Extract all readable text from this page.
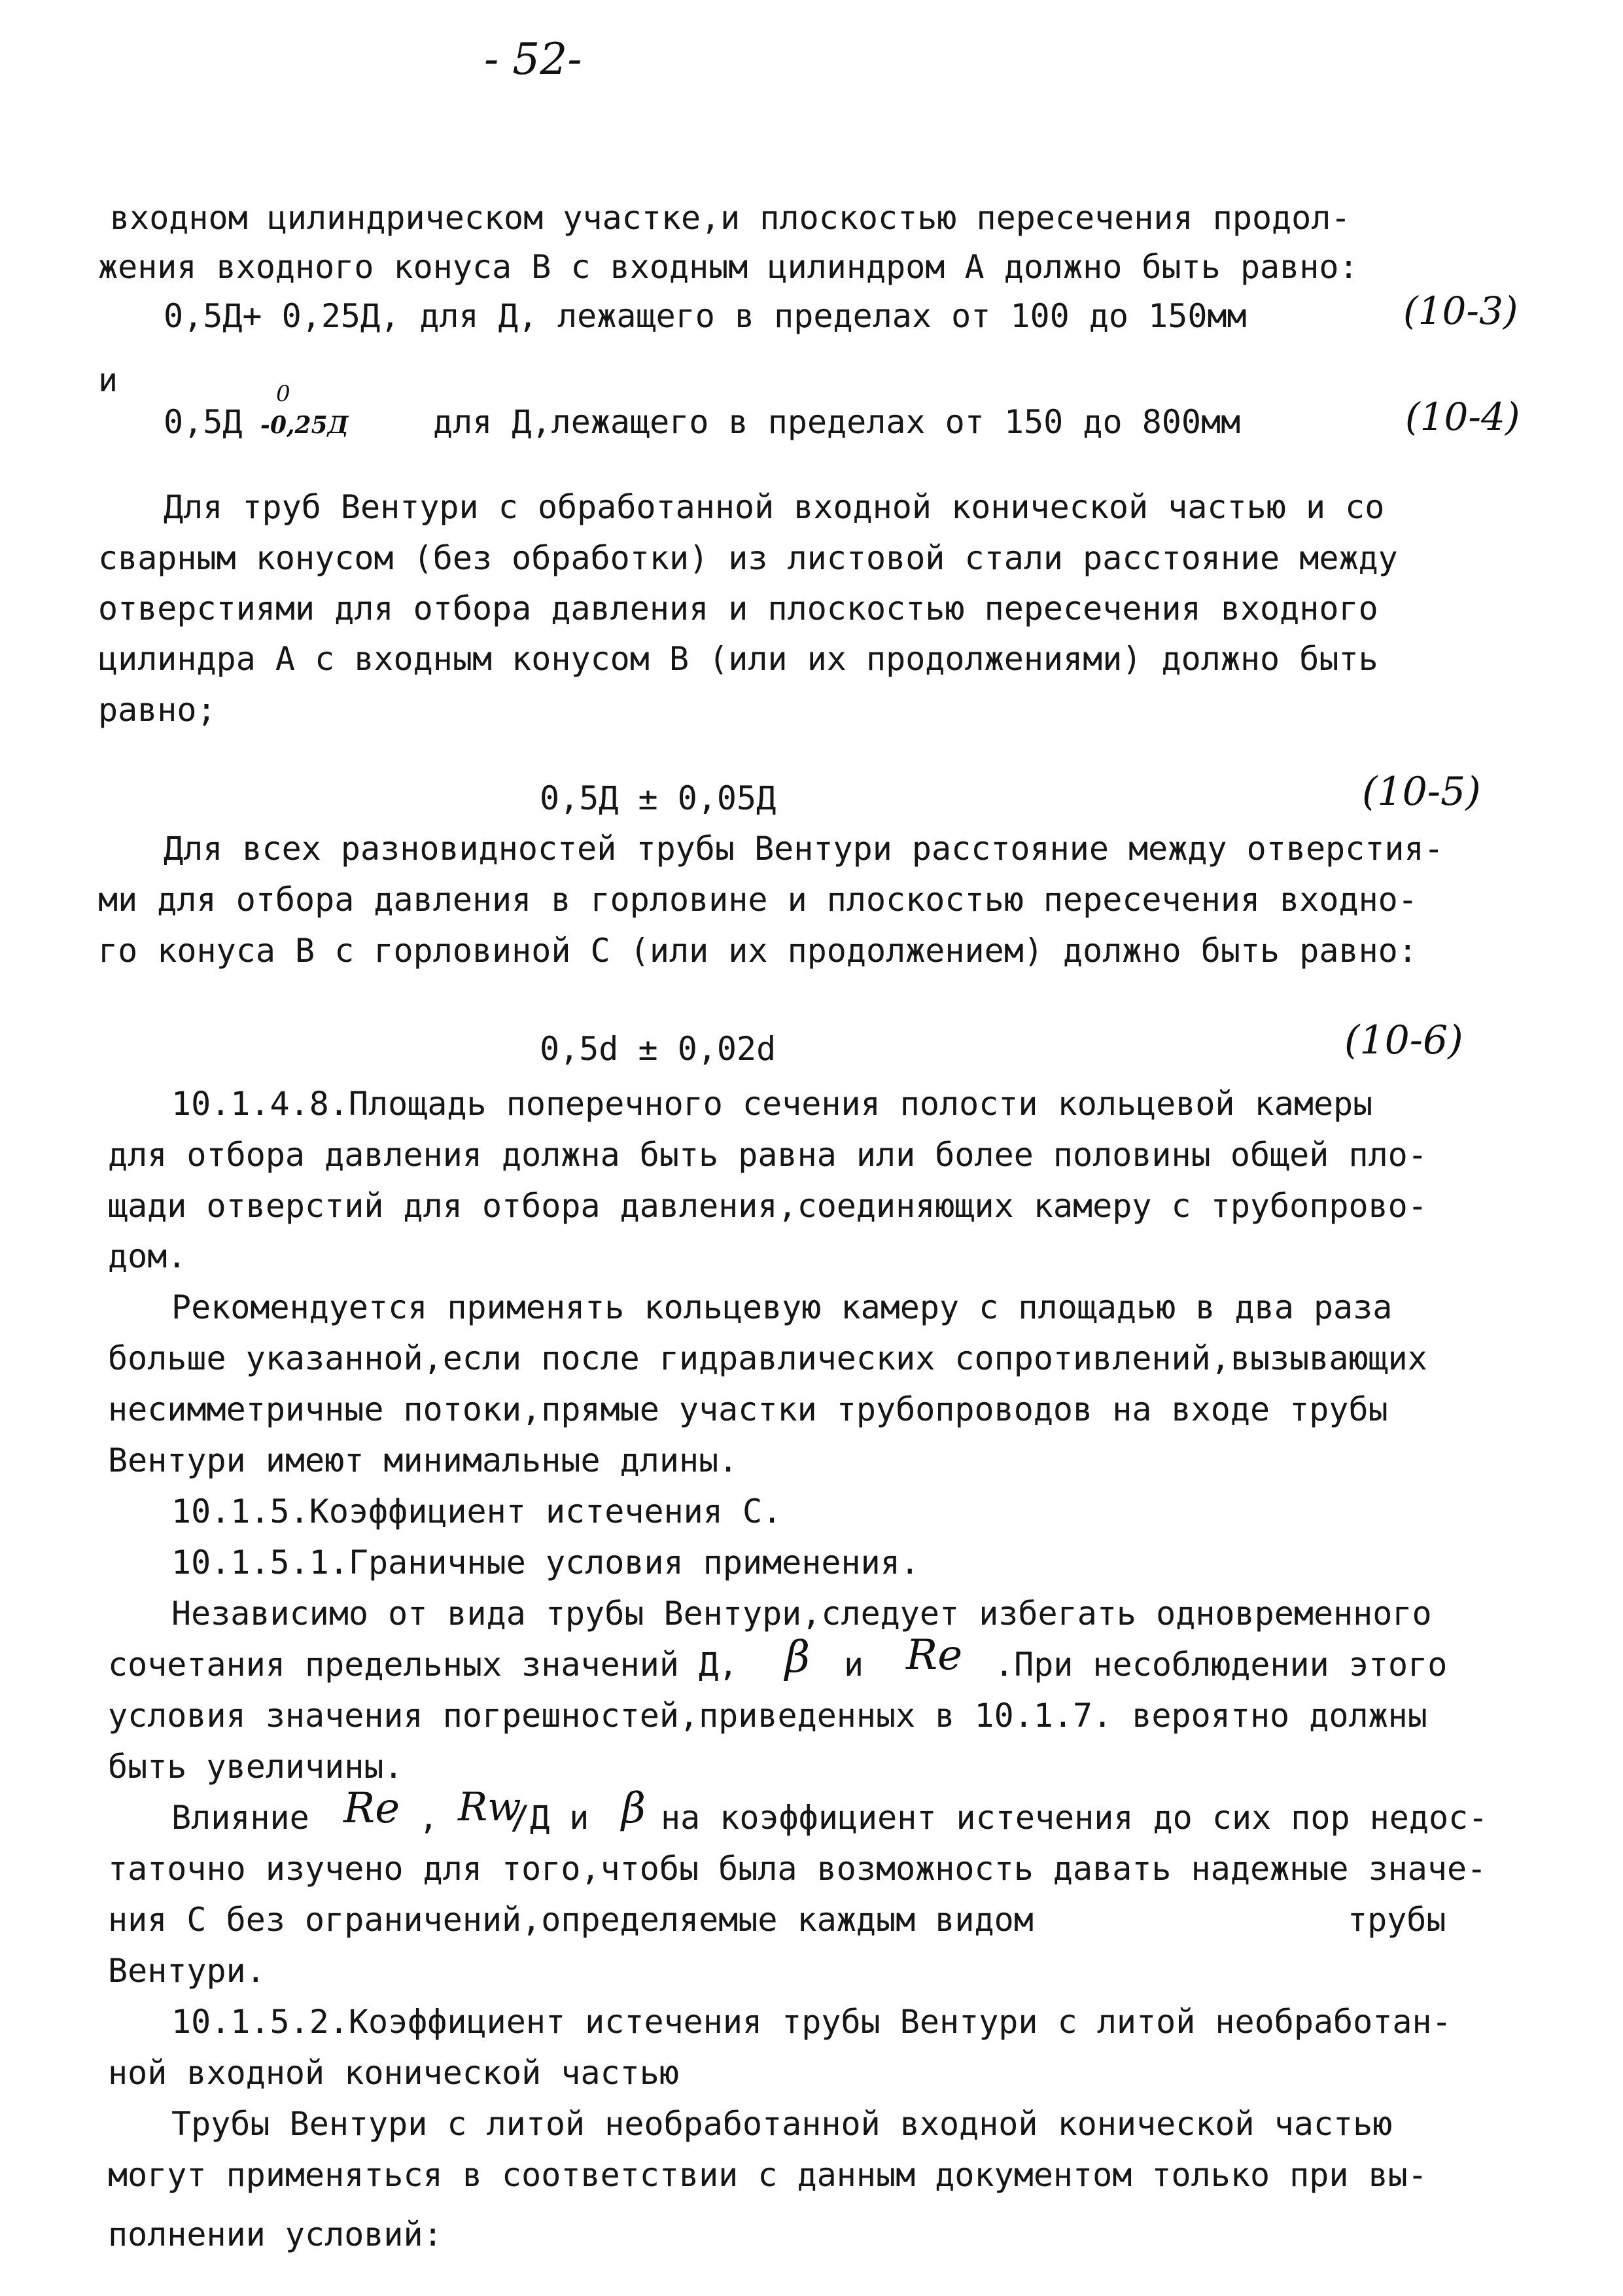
- 52-
входном цилиндрическом участке,и плоскостью пересечения продол-
жения входного конуса В с входным цилиндром А должно быть равно:
0,5Д+ 0,25Д, для Д, лежащего в пределах от 100 до 150мм	(10-3)
и
0,5Д
0
-0,25Д	для Д,лежащего в пределах от 150 до 800мм	(10-4)
Для труб Вентури с обработанной входной конической частью и со
сварным конусом (без обработки) из листовой стали расстояние между
отверстиями для отбора давления и плоскостью пересечения входного
цилиндра А с входным конусом В (или их продолжениями) должно быть
равно;
0,5Д ± 0,05Д	(10-5)
Для всех разновидностей трубы Вентури расстояние между отверстия-
ми для отбора давления в горловине и плоскостью пересечения входно-
го конуса В с горловиной С (или их продолжением) должно быть равно:
0,5d ± 0,02d	(10-6)
10.1.4.8.Площадь поперечного сечения полости кольцевой камеры
для отбора давления должна быть равна или более половины общей пло-
щади отверстий для отбора давления,соединяющих камеру с трубопрово-
дом.
Рекомендуется применять кольцевую камеру с площадью в два раза
больше указанной,если после гидравлических сопротивлений,вызывающих
несимметричные потоки,прямые участки трубопроводов на входе трубы
Вентури имеют минимальные длины.
10.1.5.Коэффициент истечения С.
10.1.5.1.Граничные условия применения.
Независимо от вида трубы Вентури,следует избегать одновременного
сочетания предельных значений Д, β и Re .При несоблюдении этого
условия значения погрешностей,приведенных в 10.1.7. вероятно должны
быть увеличины.
Влияние Re , Rw
/Д и β на коэффициент истечения до сих пор недос-
таточно изучено для того,чтобы была возможность давать надежные значе-
ния С без ограничений,определяемые каждым видом	трубы
Вентури.
10.1.5.2.Коэффициент истечения трубы Вентури с литой необработан-
ной входной конической частью
Трубы Вентури с литой необработанной входной конической частью
могут применяться в соответствии с данным документом только при вы-
полнении условий:
